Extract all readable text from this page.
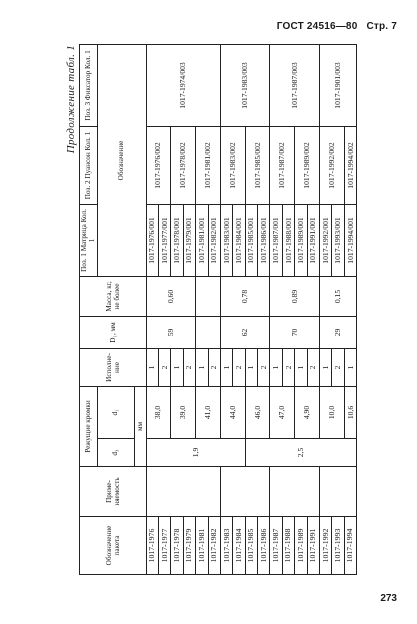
ГОСТ 24516—80 Стр. 7
Продолжение табл. 1
Обозначение пакета	Приме-няемость	Режущие кромки		Исполне-ние	D₁, мм	Масса, кг, не более	Поз. 1 Матрица Кол. 1	Поз. 2 Пуансон Кол. 1	Поз. 3 Фиксатор Кол. 1
		d₃	d₁				Обозначение		
		мм							
1017-1976		1,9	38,0	1	59	0,60	1017-1976/001	1017-1976/002	1017-1974/003
1017-1977				2			1017-1977/001		
1017-1978			39,0	1			1017-1978/001	1017-1978/002	
1017-1979				2			1017-1979/001		
1017-1981			41,0	1			1017-1981/001	1017-1981/002	
1017-1982				2			1017-1982/001		
1017-1983			44,0	1	62	0,78	1017-1983/001	1017-1983/002	1017-1983/003
1017-1984				2			1017-1984/001		
1017-1985		2,5	46,0	1			1017-1985/001	1017-1985/002	
1017-1986				2			1017-1986/001		
1017-1987			47,0	1	70	0,89	1017-1987/001	1017-1987/002	1017-1987/003
1017-1988				2			1017-1988/001		
1017-1989			4,90	1			1017-1989/001	1017-1989/002	
1017-1991				2			1017-1991/001		
1017-1992			10,0	1	29	0,15	1017-1992/001	1017-1992/002	1017-1901/003
1017-1993				2			1017-1993/001		
1017-1994			10,6	1			1017-1994/001	1017-1994/002	
273
